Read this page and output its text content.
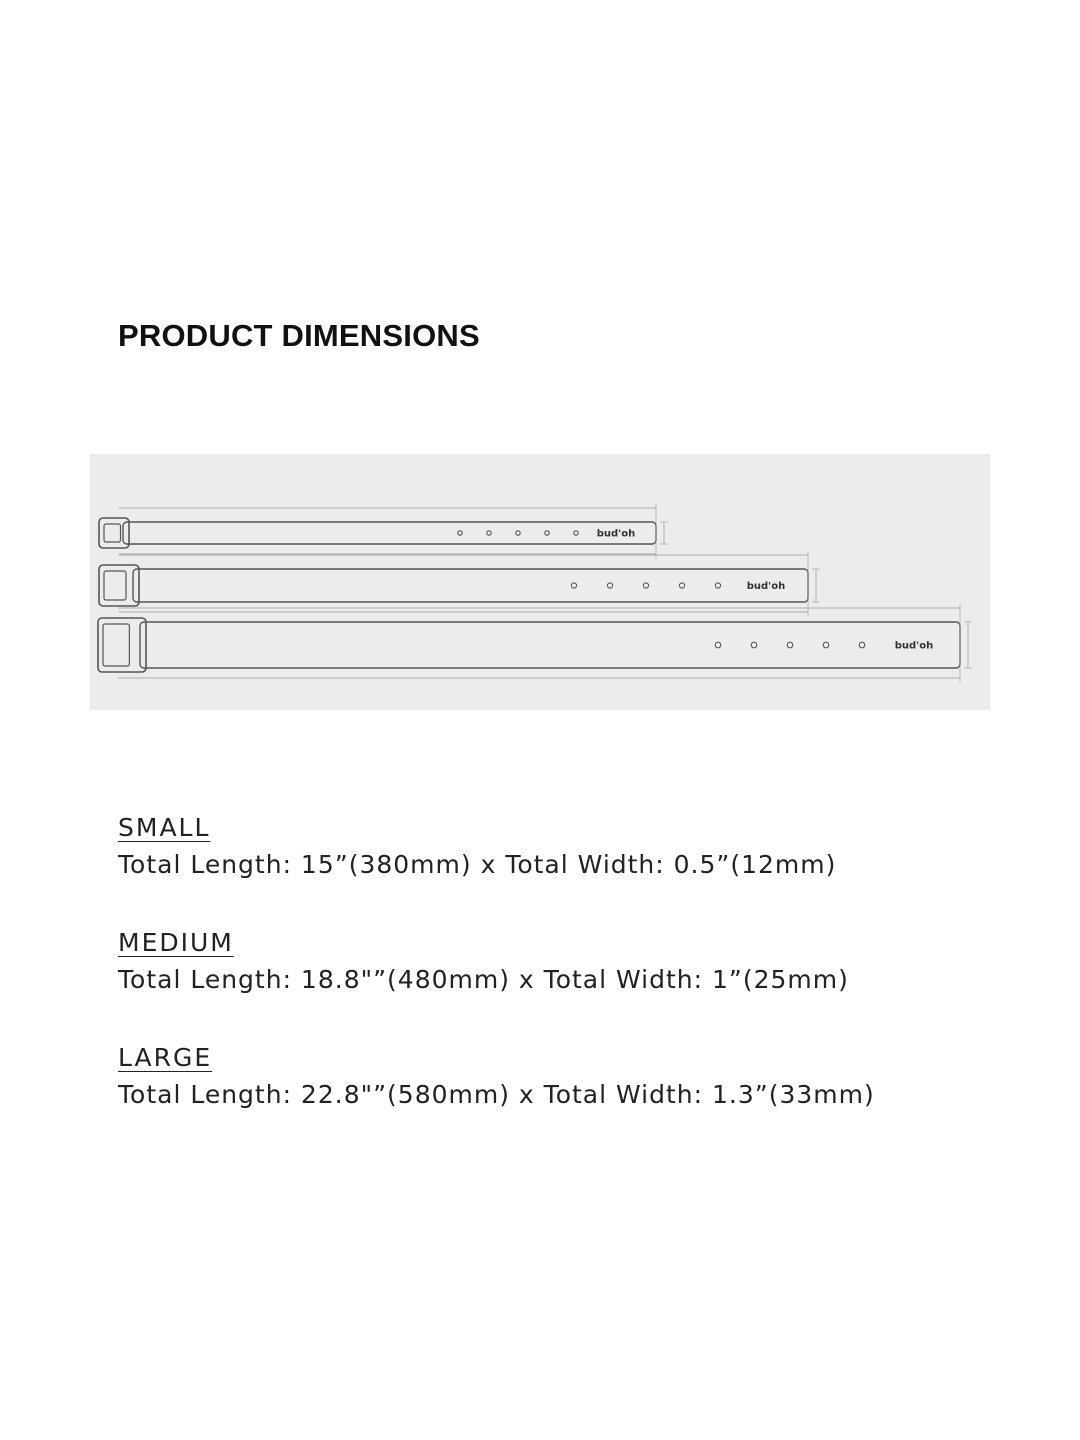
PRODUCT DIMENSIONS
bud'oh
bud'oh
bud'oh
SMALL
Total Length: 15”(380mm) x Total Width: 0.5”(12mm)
MEDIUM
Total Length: 18.8"”(480mm) x Total Width: 1”(25mm)
LARGE
Total Length: 22.8"”(580mm) x Total Width: 1.3”(33mm)
